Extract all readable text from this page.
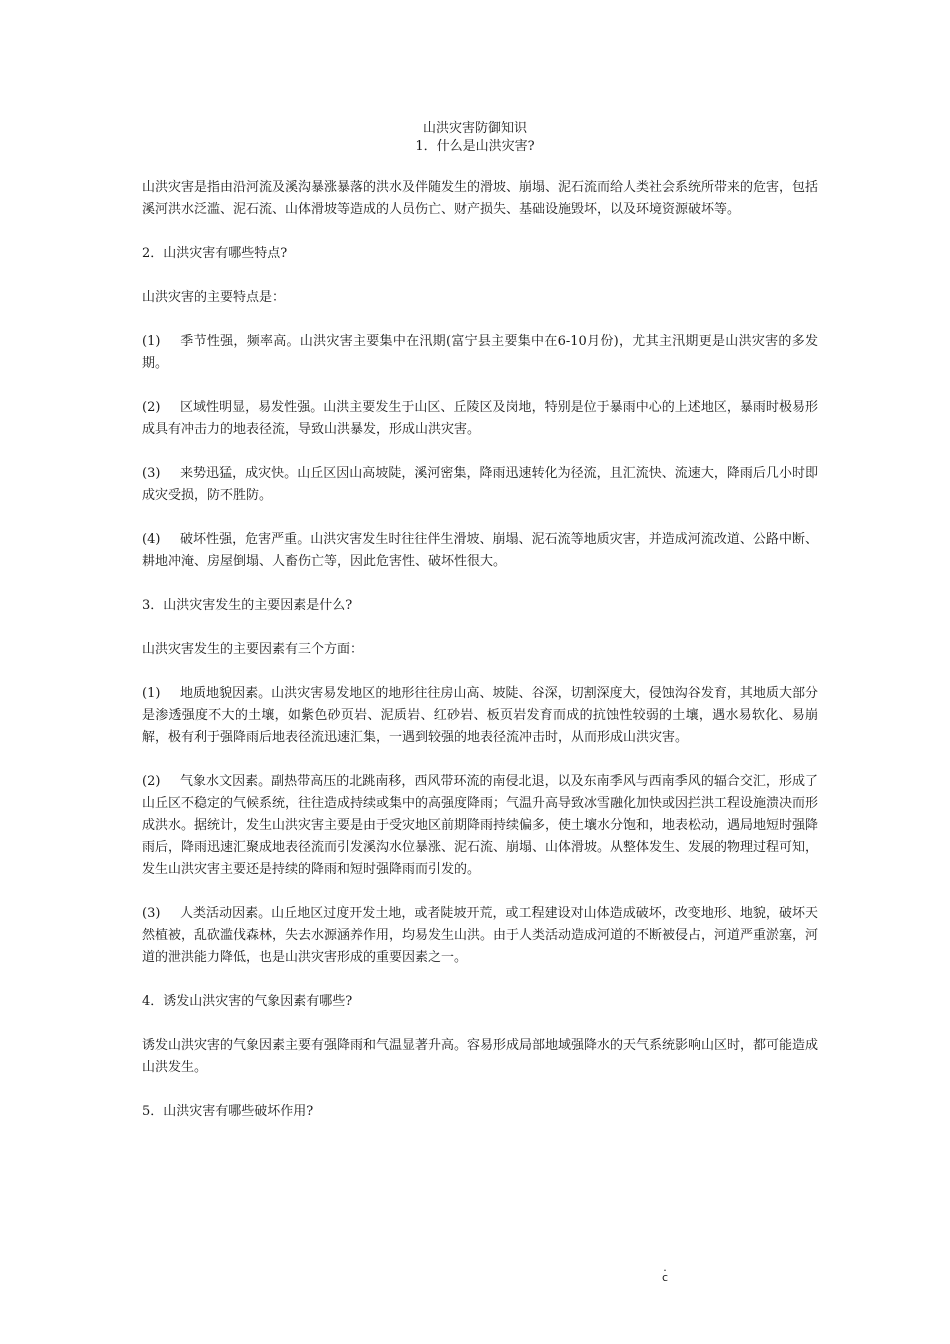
山洪灾害防御知识
1．什么是山洪灾害?

山洪灾害是指由沿河流及溪沟暴涨暴落的洪水及伴随发生的滑坡、崩塌、泥石流而给人类社会系统所带来的危害，包括溪河洪水泛滥、泥石流、山体滑坡等造成的人员伤亡、财产损失、基础设施毁坏，以及环境资源破坏等。

2．山洪灾害有哪些特点?

山洪灾害的主要特点是：

(1) 季节性强，频率高。山洪灾害主要集中在汛期(富宁县主要集中在6-10月份)，尤其主汛期更是山洪灾害的多发期。

(2) 区域性明显，易发性强。山洪主要发生于山区、丘陵区及岗地，特别是位于暴雨中心的上述地区，暴雨时极易形成具有冲击力的地表径流，导致山洪暴发，形成山洪灾害。

(3) 来势迅猛，成灾快。山丘区因山高坡陡，溪河密集，降雨迅速转化为径流，且汇流快、流速大，降雨后几小时即成灾受损，防不胜防。

(4) 破坏性强，危害严重。山洪灾害发生时往往伴生滑坡、崩塌、泥石流等地质灾害，并造成河流改道、公路中断、耕地冲淹、房屋倒塌、人畜伤亡等，因此危害性、破坏性很大。

3．山洪灾害发生的主要因素是什么?

山洪灾害发生的主要因素有三个方面：

(1) 地质地貌因素。山洪灾害易发地区的地形往往房山高、坡陡、谷深，切割深度大，侵蚀沟谷发育，其地质大部分是渗透强度不大的土壤，如紫色砂页岩、泥质岩、红砂岩、板页岩发育而成的抗蚀性较弱的土壤，遇水易软化、易崩解，极有利于强降雨后地表径流迅速汇集，一遇到较强的地表径流冲击时，从而形成山洪灾害。

(2) 气象水文因素。副热带高压的北跳南移，西风带环流的南侵北退，以及东南季风与西南季风的辐合交汇，形成了山丘区不稳定的气候系统，往往造成持续或集中的高强度降雨；气温升高导致冰雪融化加快或因拦洪工程设施溃决而形成洪水。据统计，发生山洪灾害主要是由于受灾地区前期降雨持续偏多，使土壤水分饱和，地表松动，遇局地短时强降雨后，降雨迅速汇聚成地表径流而引发溪沟水位暴涨、泥石流、崩塌、山体滑坡。从整体发生、发展的物理过程可知，发生山洪灾害主要还是持续的降雨和短时强降雨而引发的。

(3) 人类活动因素。山丘地区过度开发土地，或者陡坡开荒，或工程建设对山体造成破坏，改变地形、地貌，破坏天然植被，乱砍滥伐森林，失去水源涵养作用，均易发生山洪。由于人类活动造成河道的不断被侵占，河道严重淤塞，河道的泄洪能力降低，也是山洪灾害形成的重要因素之一。

4．诱发山洪灾害的气象因素有哪些?

诱发山洪灾害的气象因素主要有强降雨和气温显著升高。容易形成局部地域强降水的天气系统影响山区时，都可能造成山洪发生。

5．山洪灾害有哪些破坏作用?

.
c
